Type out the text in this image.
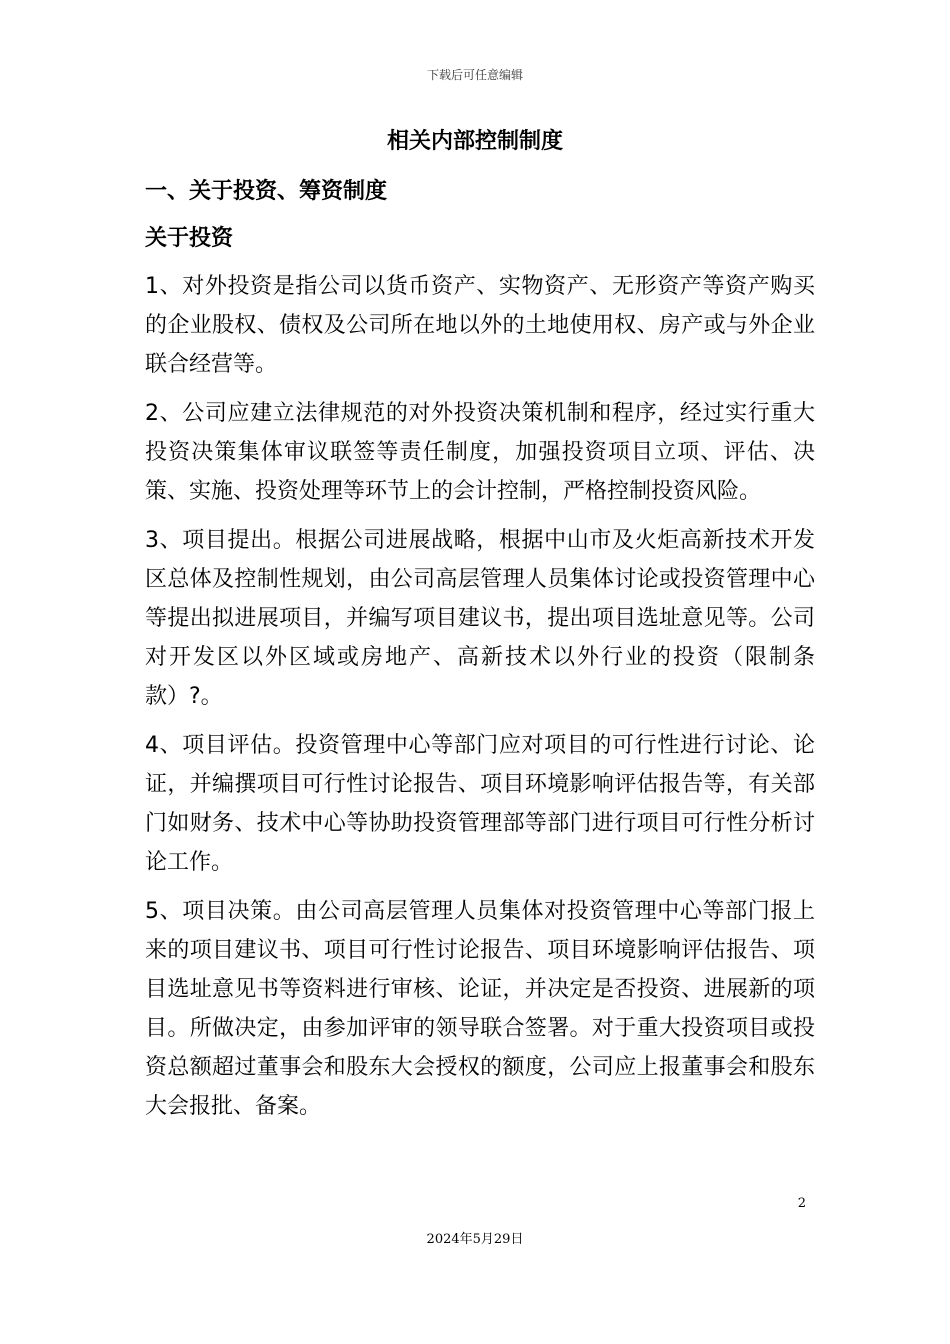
下载后可任意编辑
相关内部控制制度
一、关于投资、筹资制度
关于投资

1、对外投资是指公司以货币资产、实物资产、无形资产等资产购买的企业股权、债权及公司所在地以外的土地使用权、房产或与外企业联合经营等。

2、公司应建立法律规范的对外投资决策机制和程序，经过实行重大投资决策集体审议联签等责任制度，加强投资项目立项、评估、决策、实施、投资处理等环节上的会计控制，严格控制投资风险。

3、项目提出。根据公司进展战略，根据中山市及火炬高新技术开发区总体及控制性规划，由公司高层管理人员集体讨论或投资管理中心等提出拟进展项目，并编写项目建议书，提出项目选址意见等。公司对开发区以外区域或房地产、高新技术以外行业的投资（限制条款）?。

4、项目评估。投资管理中心等部门应对项目的可行性进行讨论、论证，并编撰项目可行性讨论报告、项目环境影响评估报告等，有关部门如财务、技术中心等协助投资管理部等部门进行项目可行性分析讨论工作。

5、项目决策。由公司高层管理人员集体对投资管理中心等部门报上来的项目建议书、项目可行性讨论报告、项目环境影响评估报告、项目选址意见书等资料进行审核、论证，并决定是否投资、进展新的项目。所做决定，由参加评审的领导联合签署。对于重大投资项目或投资总额超过董事会和股东大会授权的额度，公司应上报董事会和股东大会报批、备案。

2
2024年5月29日
